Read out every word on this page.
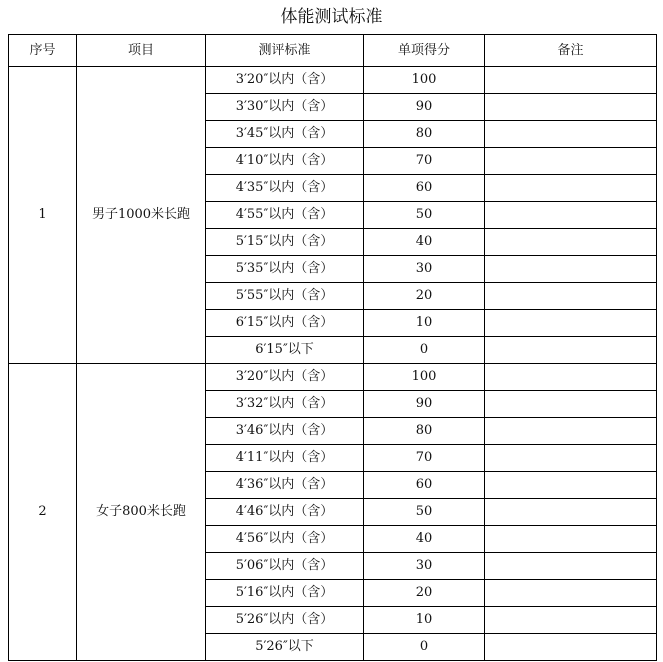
体能测试标准
序号	项目	测评标准	单项得分	备注
1	男子1000米长跑	3′20″以内（含）	100	
		3′30″以内（含）	90	
		3′45″以内（含）	80	
		4′10″以内（含）	70	
		4′35″以内（含）	60	
		4′55″以内（含）	50	
		5′15″以内（含）	40	
		5′35″以内（含）	30	
		5′55″以内（含）	20	
		6′15″以内（含）	10	
		6′15″以下	0	
2	女子800米长跑	3′20″以内（含）	100	
		3′32″以内（含）	90	
		3′46″以内（含）	80	
		4′11″以内（含）	70	
		4′36″以内（含）	60	
		4′46″以内（含）	50	
		4′56″以内（含）	40	
		5′06″以内（含）	30	
		5′16″以内（含）	20	
		5′26″以内（含）	10	
		5′26″以下	0	
